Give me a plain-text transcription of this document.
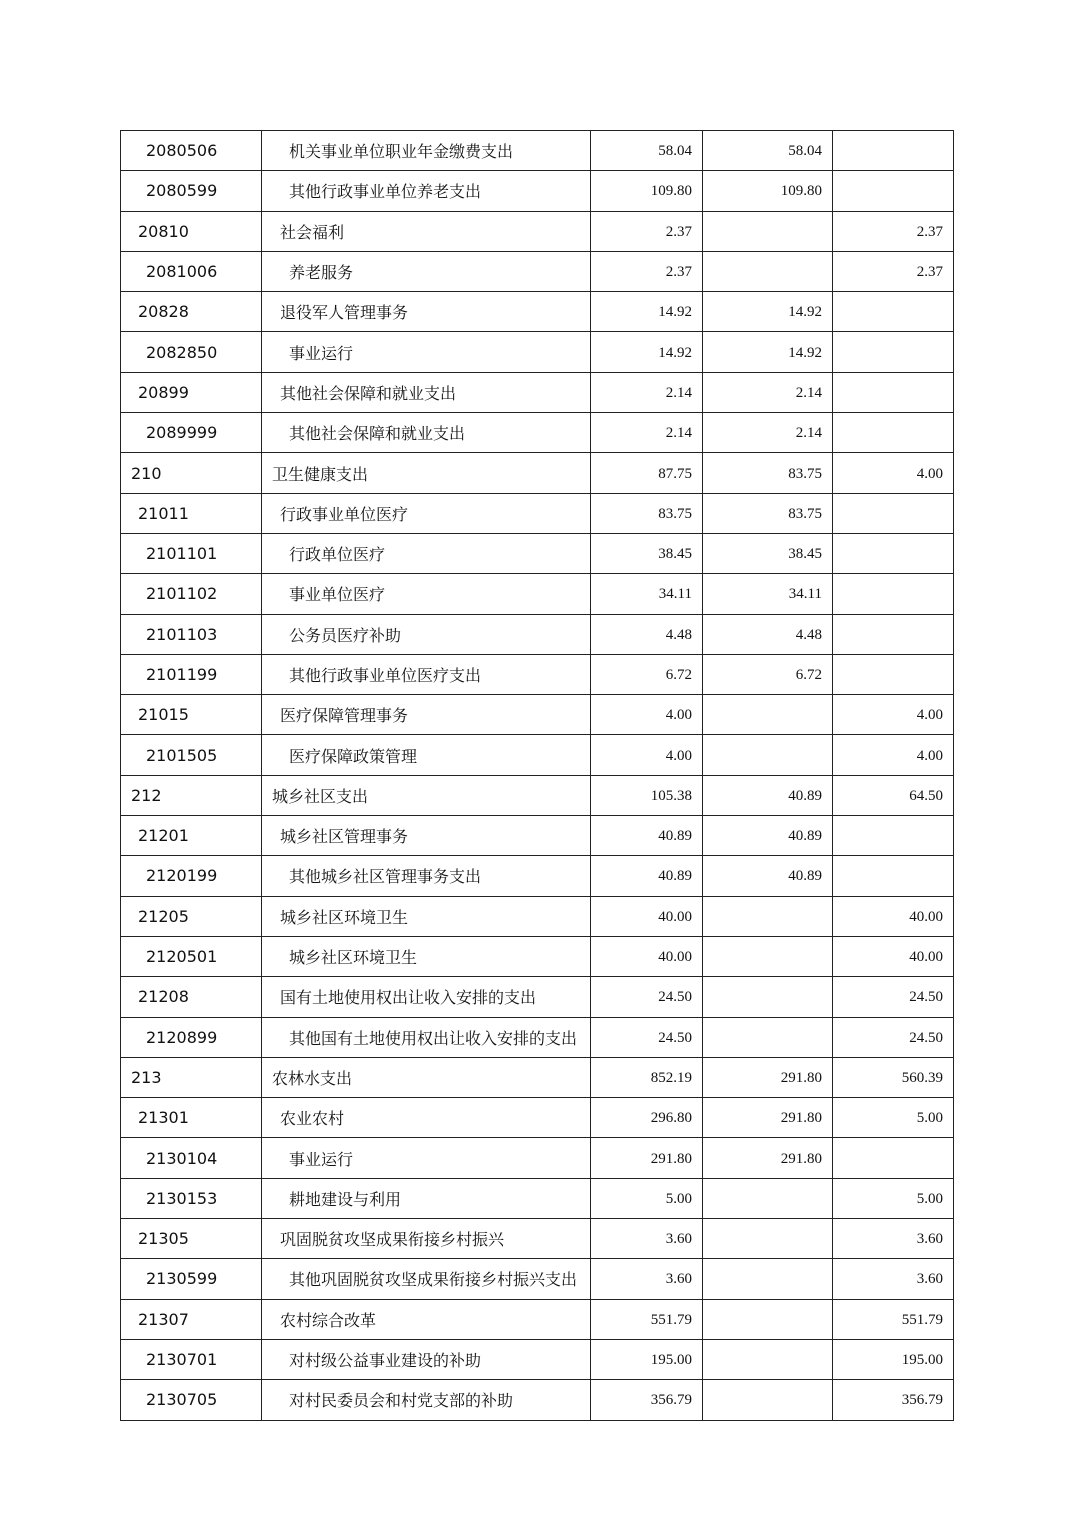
2080506	机关事业单位职业年金缴费支出	58.04	58.04	
2080599	其他行政事业单位养老支出	109.80	109.80	
20810	社会福利	2.37		2.37
2081006	养老服务	2.37		2.37
20828	退役军人管理事务	14.92	14.92	
2082850	事业运行	14.92	14.92	
20899	其他社会保障和就业支出	2.14	2.14	
2089999	其他社会保障和就业支出	2.14	2.14	
210	卫生健康支出	87.75	83.75	4.00
21011	行政事业单位医疗	83.75	83.75	
2101101	行政单位医疗	38.45	38.45	
2101102	事业单位医疗	34.11	34.11	
2101103	公务员医疗补助	4.48	4.48	
2101199	其他行政事业单位医疗支出	6.72	6.72	
21015	医疗保障管理事务	4.00		4.00
2101505	医疗保障政策管理	4.00		4.00
212	城乡社区支出	105.38	40.89	64.50
21201	城乡社区管理事务	40.89	40.89	
2120199	其他城乡社区管理事务支出	40.89	40.89	
21205	城乡社区环境卫生	40.00		40.00
2120501	城乡社区环境卫生	40.00		40.00
21208	国有土地使用权出让收入安排的支出	24.50		24.50
2120899	其他国有土地使用权出让收入安排的支出	24.50		24.50
213	农林水支出	852.19	291.80	560.39
21301	农业农村	296.80	291.80	5.00
2130104	事业运行	291.80	291.80	
2130153	耕地建设与利用	5.00		5.00
21305	巩固脱贫攻坚成果衔接乡村振兴	3.60		3.60
2130599	其他巩固脱贫攻坚成果衔接乡村振兴支出	3.60		3.60
21307	农村综合改革	551.79		551.79
2130701	对村级公益事业建设的补助	195.00		195.00
2130705	对村民委员会和村党支部的补助	356.79		356.79
